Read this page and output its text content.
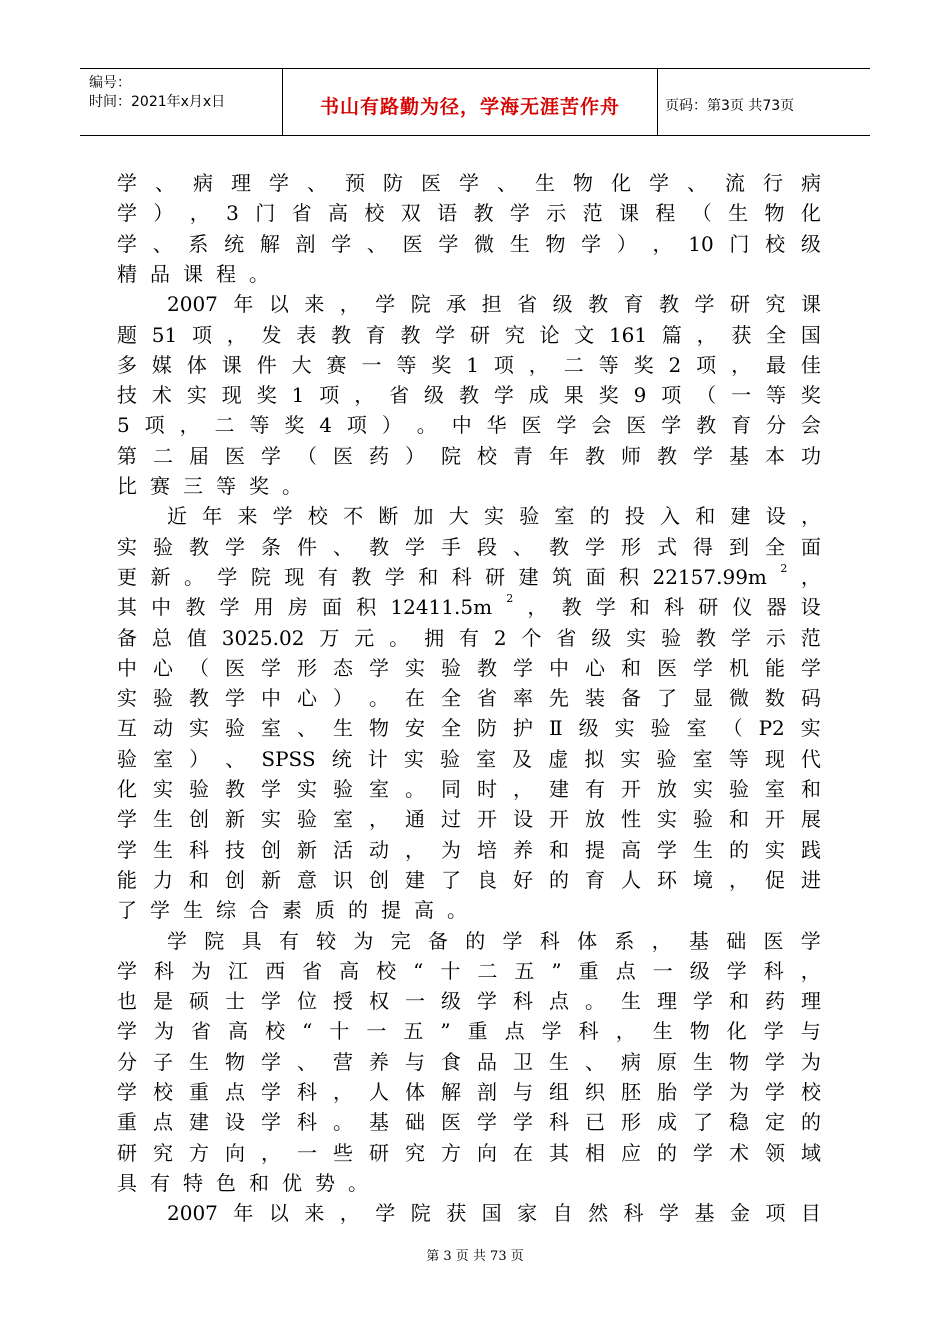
编号：
时间：2021年x月x日	书山有路勤为径，学海无涯苦作舟	页码：第3页 共73页
学 、 病 理 学 、 预 防 医 学 、 生 物 化 学 、 流 行 病
学 ） ， 3 门 省 高 校 双 语 教 学 示 范 课 程 （ 生 物 化
学 、 系 统 解 剖 学 、 医 学 微 生 物 学 ） ， 10 门 校 级
精 品 课 程 。
2007 年 以 来 ， 学 院 承 担 省 级 教 育 教 学 研 究 课
题 51 项 ， 发 表 教 育 教 学 研 究 论 文 161 篇 ， 获 全 国
多 媒 体 课 件 大 赛 一 等 奖 1 项 ， 二 等 奖 2 项 ， 最 佳
技 术 实 现 奖 1 项 ， 省 级 教 学 成 果 奖 9 项 （ 一 等 奖
5 项 ， 二 等 奖 4 项 ） 。 中 华 医 学 会 医 学 教 育 分 会
第 二 届 医 学 （ 医 药 ） 院 校 青 年 教 师 教 学 基 本 功
比 赛 三 等 奖 。
近 年 来 学 校 不 断 加 大 实 验 室 的 投 入 和 建 设 ，
实 验 教 学 条 件 、 教 学 手 段 、 教 学 形 式 得 到 全 面
更 新 。 学 院 现 有 教 学 和 科 研 建 筑 面 积 22157.99m $^2$ ，
其 中 教 学 用 房 面 积 12411.5m $^2$ ， 教 学 和 科 研 仪 器 设
备 总 值 3025.02 万 元 。 拥 有 2 个 省 级 实 验 教 学 示 范
中 心 （ 医 学 形 态 学 实 验 教 学 中 心 和 医 学 机 能 学
实 验 教 学 中 心 ） 。 在 全 省 率 先 装 备 了 显 微 数 码
互 动 实 验 室 、 生 物 安 全 防 护 Ⅱ 级 实 验 室 （ P2 实
验 室 ） 、 SPSS 统 计 实 验 室 及 虚 拟 实 验 室 等 现 代
化 实 验 教 学 实 验 室 。 同 时 ， 建 有 开 放 实 验 室 和
学 生 创 新 实 验 室 ， 通 过 开 设 开 放 性 实 验 和 开 展
学 生 科 技 创 新 活 动 ， 为 培 养 和 提 高 学 生 的 实 践
能 力 和 创 新 意 识 创 建 了 良 好 的 育 人 环 境 ， 促 进
了 学 生 综 合 素 质 的 提 高 。
学 院 具 有 较 为 完 备 的 学 科 体 系 ， 基 础 医 学
学 科 为 江 西 省 高 校 “ 十 二 五 ” 重 点 一 级 学 科 ，
也 是 硕 士 学 位 授 权 一 级 学 科 点 。 生 理 学 和 药 理
学 为 省 高 校 “ 十 一 五 ” 重 点 学 科 ， 生 物 化 学 与
分 子 生 物 学 、 营 养 与 食 品 卫 生 、 病 原 生 物 学 为
学 校 重 点 学 科 ， 人 体 解 剖 与 组 织 胚 胎 学 为 学 校
重 点 建 设 学 科 。 基 础 医 学 学 科 已 形 成 了 稳 定 的
研 究 方 向 ， 一 些 研 究 方 向 在 其 相 应 的 学 术 领 域
具 有 特 色 和 优 势 。
2007 年 以 来 ， 学 院 获 国 家 自 然 科 学 基 金 项 目
第 3 页 共 73 页
